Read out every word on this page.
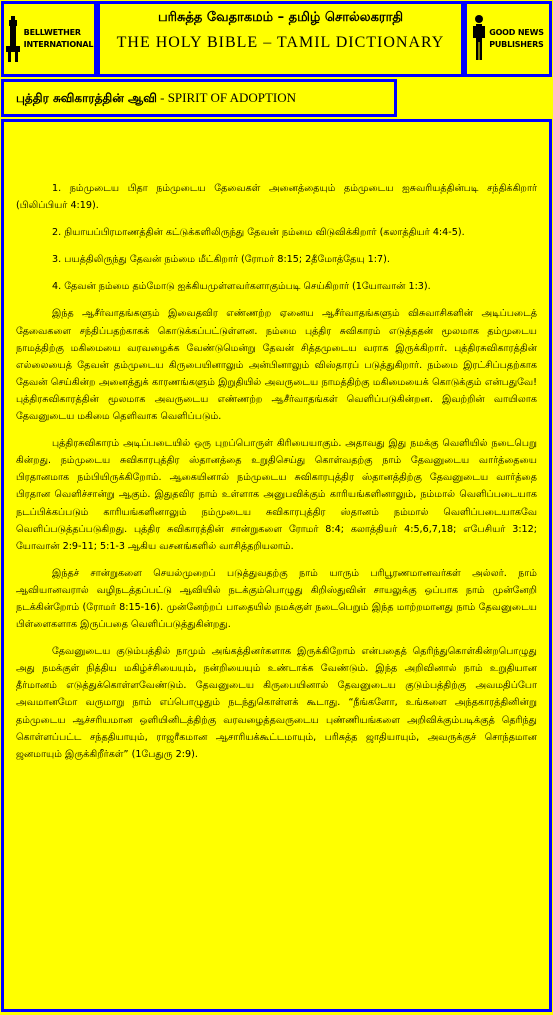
BELLWETHER
INTERNATIONAL
பரிசுத்த வேதாகமம் – தமிழ் சொல்லகராதி
THE HOLY BIBLE – TAMIL DICTIONARY
GOOD NEWS
PUBLISHERS
புத்திர சுவிகாரத்தின் ஆவி - SPIRIT OF ADOPTION

1. நம்முடைய பிதா நம்முடைய தேவைகள் அனைத்தையும் தம்முடைய ஐசுவரியத்தின்படி சந்திக்கிறார் (பிலிப்பியர் 4:19).

2. நியாயப்பிரமாணத்தின் கட்டுக்களிலிருந்து தேவன் நம்மை விடுவிக்கிறார் (கலாத்தியர் 4:4-5).

3. பயத்திலிருந்து தேவன் நம்மை மீட்கிறார் (ரோமர் 8:15; 2தீமோத்தேயு 1:7).

4. தேவன் நம்மை தம்மோடு ஐக்கியமுள்ளவர்களாகும்படி செய்கிறார் (1யோவான் 1:3).

இந்த ஆசீர்வாதங்களும் இவைதவிர எண்ணற்ற ஏனைய ஆசீர்வாதங்களும் விசுவாசிகளின் அடிப்படைத் தேவைகளை சந்திப்பதற்காகக் கொடுக்கப்பட்டுள்ளன. நம்மை புத்திர சுவிகாரம் எடுத்ததன் மூலமாக தம்முடைய நாமத்திற்கு மகிமையை வரவழைக்க வேண்டுமென்று தேவன் சித்தமுடைய வராக இருக்கிறார். புத்திரசுவிகாரத்தின் எல்லையைத் தேவன் தம்முடைய கிருபையினாலும் அன்பினாலும் விஸ்தாரப் படுத்துகிறார். நம்மை இரட்சிப்பதற்காக தேவன் செய்கின்ற அனைத்துக் காரணங்களும் இறுதியில் அவருடைய நாமத்திற்கு மகிமையைக் கொடுக்கும் என்பதுவே! புத்திரசுவிகாரத்தின் மூலமாக அவருடைய எண்ணற்ற ஆசீர்வாதங்கள் வெளிப்படுகின்றன. இவற்றின் வாயிலாக தேவனுடைய மகிமை தெளிவாக வெளிப்படும்.

புத்திரசுவிகாரம் அடிப்படையில் ஒரு புறப்பொருள் கிரியையாகும். அதாவது இது நமக்கு வெளியில் நடைபெறு கின்றது. நம்முடைய சுவிகாரபுத்திர ஸ்தானத்தை உறுதிசெய்து கொள்வதற்கு நாம் தேவனுடைய வார்த்தையை பிரதானமாக நம்பியிருக்கிறோம். ஆகையினால் நம்முடைய சுவிகாரபுத்திர ஸ்தானத்திற்கு தேவனுடைய வார்த்தை பிரதான வெளிச்சான்று ஆகும். இதுதவிர நாம் உள்ளாக அனுபவிக்கும் காரியங்களினாலும், நம்மால் வெளிப்படையாக நடப்பிக்கப்படும் காரியங்களினாலும் நம்முடைய சுவிகாரபுத்திர ஸ்தானம் நம்மால் வெளிப்படையாகவே வெளிப்படுத்தப்படுகிறது. புத்திர சுவிகாரத்தின் சான்றுகளை ரோமர் 8:4; கலாத்தியர் 4:5,6,7,18; எபேசியர் 3:12; யோவான் 2:9-11; 5:1-3 ஆகிய வசனங்களில் வாசித்தறியலாம்.

இந்தச் சான்றுகளை செயல்முறைப் படுத்துவதற்கு நாம் யாரும் பரிபூரணமானவர்கள் அல்லர். நாம் ஆவியானவரால் வழிநடத்தப்பட்டு ஆவியில் நடக்கும்பொழுது கிறிஸ்துவின் சாயலுக்கு ஒப்பாக நாம் முன்னேறி நடக்கின்றோம் (ரோமர் 8:15-16). முன்னேற்றப் பாதையில் நமக்குள் நடைபெறும் இந்த மாற்றமானது நாம் தேவனுடைய பிள்ளைகளாக இருப்பதை வெளிப்படுத்துகின்றது.

தேவனுடைய குடும்பத்தில் நாமும் அங்கத்தினர்களாக இருக்கிறோம் என்பதைத் தெரிந்துகொள்கின்றபொழுது அது நமக்குள் நித்திய மகிழ்ச்சியையும், நன்றியையும் உண்டாக்க வேண்டும். இந்த அறிவினால் நாம் உறுதியான தீர்மானம் எடுத்துக்கொள்ளவேண்டும். தேவனுடைய கிருபையினால் தேவனுடைய குடும்பத்திற்கு அவமதிப்போ அவமானமோ வருமாறு நாம் எப்பொழுதும் நடந்துகொள்ளக் கூடாது. “நீங்களோ, உங்களை அந்தகாரத்தினின்று தம்முடைய ஆச்சரியமான ஒளியினிடத்திற்கு வரவழைத்தவருடைய புண்ணியங்களை அறிவிக்கும்படிக்குத் தெரிந்து கொள்ளப்பட்ட சந்ததியாயும், ராஜரீகமான ஆசாரியக்கூட்டமாயும், பரிசுத்த ஜாதியாயும், அவருக்குச் சொந்தமான ஜனமாயும் இருக்கிறீர்கள்” (1பேதுரு 2:9).
